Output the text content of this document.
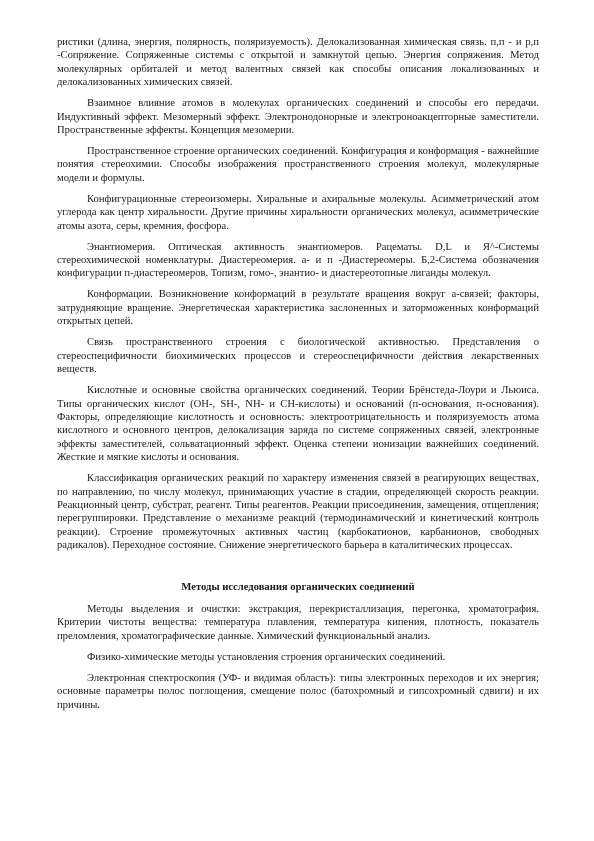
ристики (длина, энергия, полярность, поляризуемость). Делокализованная химическая связь. п,п - и р,п -Сопряжение. Сопряженные системы с открытой и замкнутой цепью. Энергия сопряжения. Метод молекулярных орбиталей и метод валентных связей как способы описания локализованных и делокализованных химических связей.

Взаимное влияние атомов в молекулах органических соединений и способы его передачи. Индуктивный эффект. Мезомерный эффект. Электронодонорные и электроноакцепторные заместители. Пространственные эффекты. Концепция мезомерии.

Пространственное строение органических соединений. Конфигурация и конформация - важнейшие понятия стереохимии. Способы изображения пространственного строения молекул, молекулярные модели и формулы.

Конфигурационные стереоизомеры. Хиральные и ахиральные молекулы. Асимметрический атом углерода как центр хиральности. Другие причины хиральности органических молекул, асимметрические атомы азота, серы, кремния, фосфора.

Энантиомерия. Оптическая активность энантиомеров. Рацематы. D,L и Я^-Системы стереохимической номенклатуры. Диастереомерия. а- и п -Диастереомеры. Б,2-Система обозначения конфигурации п-диастереомеров. Топизм, гомо-, энантио- и диастереотопные лиганды молекул.

Конформации. Возникновение конформаций в результате вращения вокруг а-связей; факторы, затрудняющие вращение. Энергетическая характеристика заслоненных и заторможенных конформаций открытых цепей.

Связь пространственного строения с биологической активностью. Представления о стереоспецифичности биохимических процессов и стереоспецифичности действия лекарственных веществ.

Кислотные и основные свойства органических соединений. Теории Брёнстеда-Лоури и Льюиса. Типы органических кислот (ОН-, SH-, NH- и СН-кислоты) и оснований (п-основания, п-основания). Факторы, определяющие кислотность и основность: электроотрицательность и поляризуемость атома кислотного и основного центров, делокализация заряда по системе сопряженных связей, электронные эффекты заместителей, сольватационный эффект. Оценка степени ионизации важнейших соединений. Жесткие и мягкие кислоты и основания.

Классификация органических реакций по характеру изменения связей в реагирующих веществах, по направлению, по числу молекул, принимающих участие в стадии, определяющей скорость реакции. Реакционный центр, субстрат, реагент. Типы реагентов. Реакции присоединения, замещения, отщепления; перегруппировки. Представление о механизме реакций (термодинамический и кинетический контроль реакции). Строение промежуточных активных частиц (карбокатионов, карбанионов, свободных радикалов). Переходное состояние. Снижение энергетического барьера в каталитических процессах.

Методы исследования органических соединений

Методы выделения и очистки: экстракция, перекристаллизация, перегонка, хроматография. Критерии чистоты вещества: температура плавления, температура кипения, плотность, показатель преломления, хроматографические данные. Химический функциональный анализ.

Физико-химические методы установления строения органических соединений.

Электронная спектроскопия (УФ- и видимая область): типы электронных переходов и их энергия; основные параметры полос поглощения, смещение полос (батохромный и гипсохромный сдвиги) и их причины.
